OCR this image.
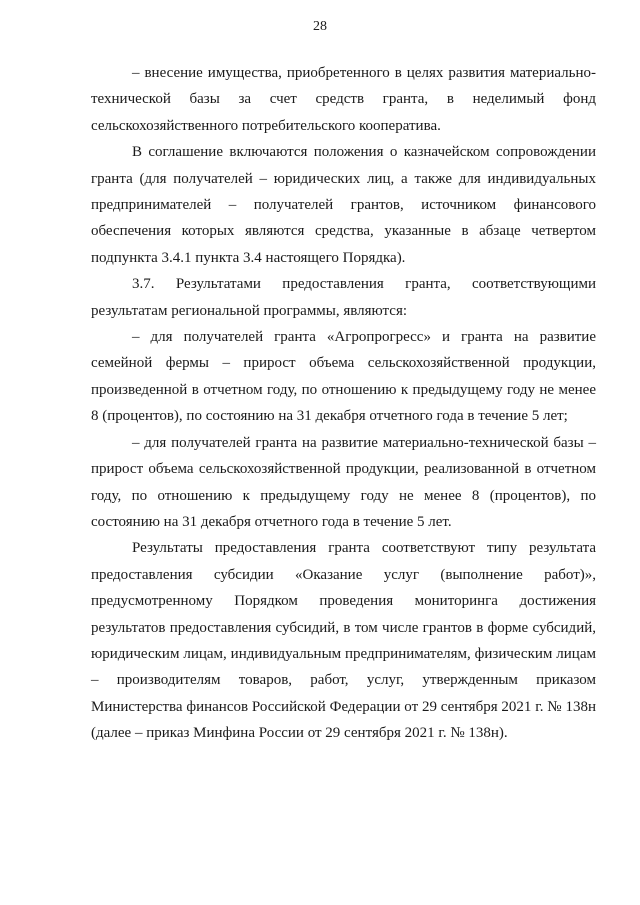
28

– внесение имущества, приобретенного в целях развития материально-технической базы за счет средств гранта, в неделимый фонд сельскохозяйственного потребительского кооператива.

В соглашение включаются положения о казначейском сопровождении гранта (для получателей – юридических лиц, а также для индивидуальных предпринимателей – получателей грантов, источником финансового обеспечения которых являются средства, указанные в абзаце четвертом подпункта 3.4.1 пункта 3.4 настоящего Порядка).

3.7. Результатами предоставления гранта, соответствующими результатам региональной программы, являются:

– для получателей гранта «Агропрогресс» и гранта на развитие семейной фермы – прирост объема сельскохозяйственной продукции, произведенной в отчетном году, по отношению к предыдущему году не менее 8 (процентов), по состоянию на 31 декабря отчетного года в течение 5 лет;

– для получателей гранта на развитие материально-технической базы – прирост объема сельскохозяйственной продукции, реализованной в отчетном году, по отношению к предыдущему году не менее 8 (процентов), по состоянию на 31 декабря отчетного года в течение 5 лет.

Результаты предоставления гранта соответствуют типу результата предоставления субсидии «Оказание услуг (выполнение работ)», предусмотренному Порядком проведения мониторинга достижения результатов предоставления субсидий, в том числе грантов в форме субсидий, юридическим лицам, индивидуальным предпринимателям, физическим лицам – производителям товаров, работ, услуг, утвержденным приказом Министерства финансов Российской Федерации от 29 сентября 2021 г. № 138н (далее – приказ Минфина России от 29 сентября 2021 г. № 138н).
